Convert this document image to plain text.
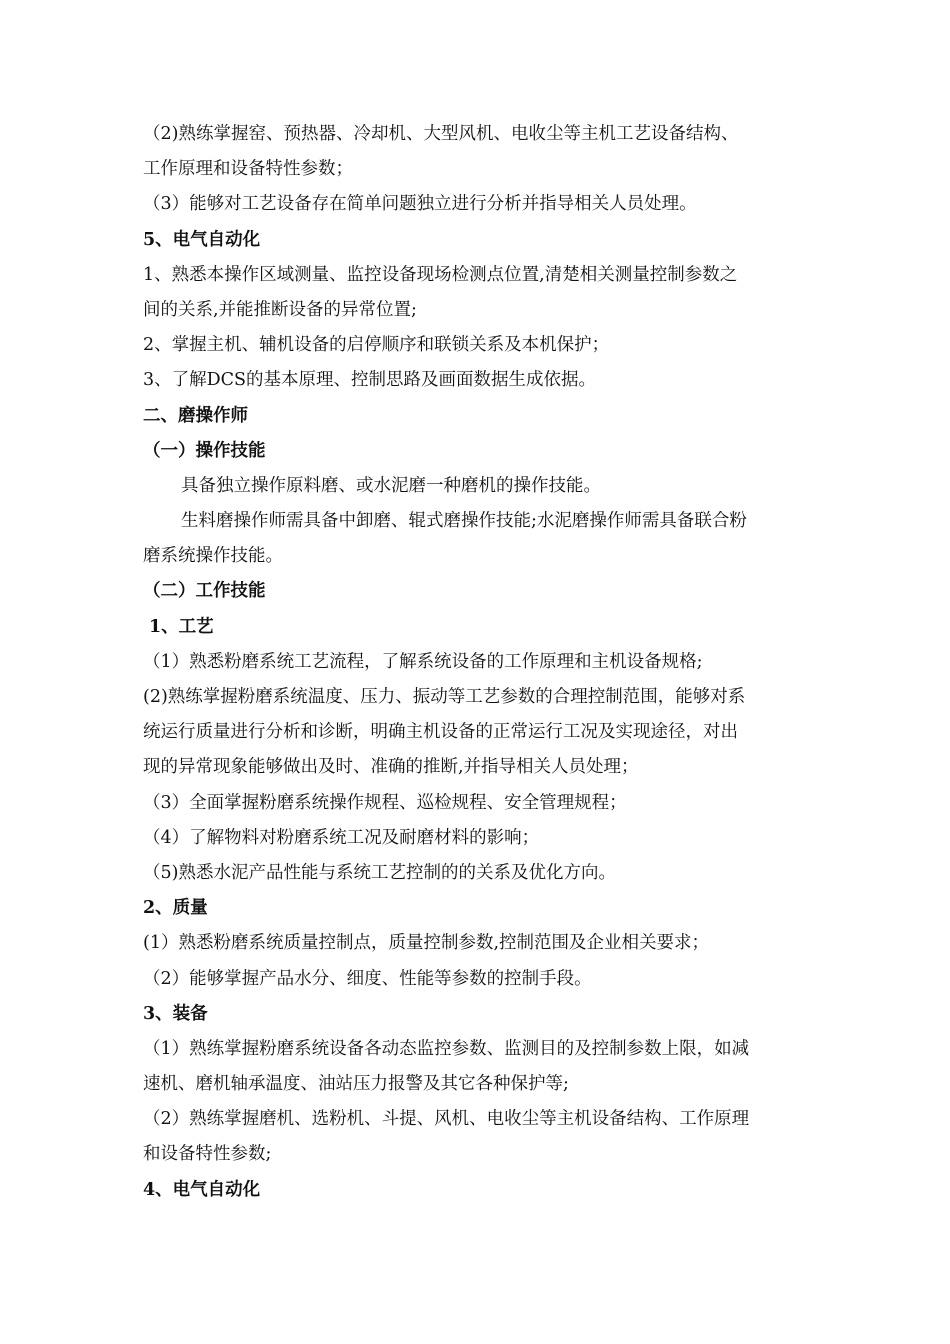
（2)熟练掌握窑、预热器、冷却机、大型风机、电收尘等主机工艺设备结构、
工作原理和设备特性参数；
（3）能够对工艺设备存在简单问题独立进行分析并指导相关人员处理。
5、电气自动化
1、熟悉本操作区域测量、监控设备现场检测点位置,清楚相关测量控制参数之
间的关系,并能推断设备的异常位置;
2、掌握主机、辅机设备的启停顺序和联锁关系及本机保护；
3、了解DCS的基本原理、控制思路及画面数据生成依据。
二、磨操作师
（一）操作技能
具备独立操作原料磨、或水泥磨一种磨机的操作技能。
生料磨操作师需具备中卸磨、辊式磨操作技能;水泥磨操作师需具备联合粉
磨系统操作技能。
（二）工作技能
1、工艺
（1）熟悉粉磨系统工艺流程，了解系统设备的工作原理和主机设备规格;
(2)熟练掌握粉磨系统温度、压力、振动等工艺参数的合理控制范围，能够对系
统运行质量进行分析和诊断，明确主机设备的正常运行工况及实现途径，对出
现的异常现象能够做出及时、准确的推断,并指导相关人员处理；
（3）全面掌握粉磨系统操作规程、巡检规程、安全管理规程；
（4）了解物料对粉磨系统工况及耐磨材料的影响；
（5)熟悉水泥产品性能与系统工艺控制的的关系及优化方向。
2、质量
(1）熟悉粉磨系统质量控制点，质量控制参数,控制范围及企业相关要求；
（2）能够掌握产品水分、细度、性能等参数的控制手段。
3、装备
（1）熟练掌握粉磨系统设备各动态监控参数、监测目的及控制参数上限，如减
速机、磨机轴承温度、油站压力报警及其它各种保护等;
（2）熟练掌握磨机、选粉机、斗提、风机、电收尘等主机设备结构、工作原理
和设备特性参数;
4、电气自动化
